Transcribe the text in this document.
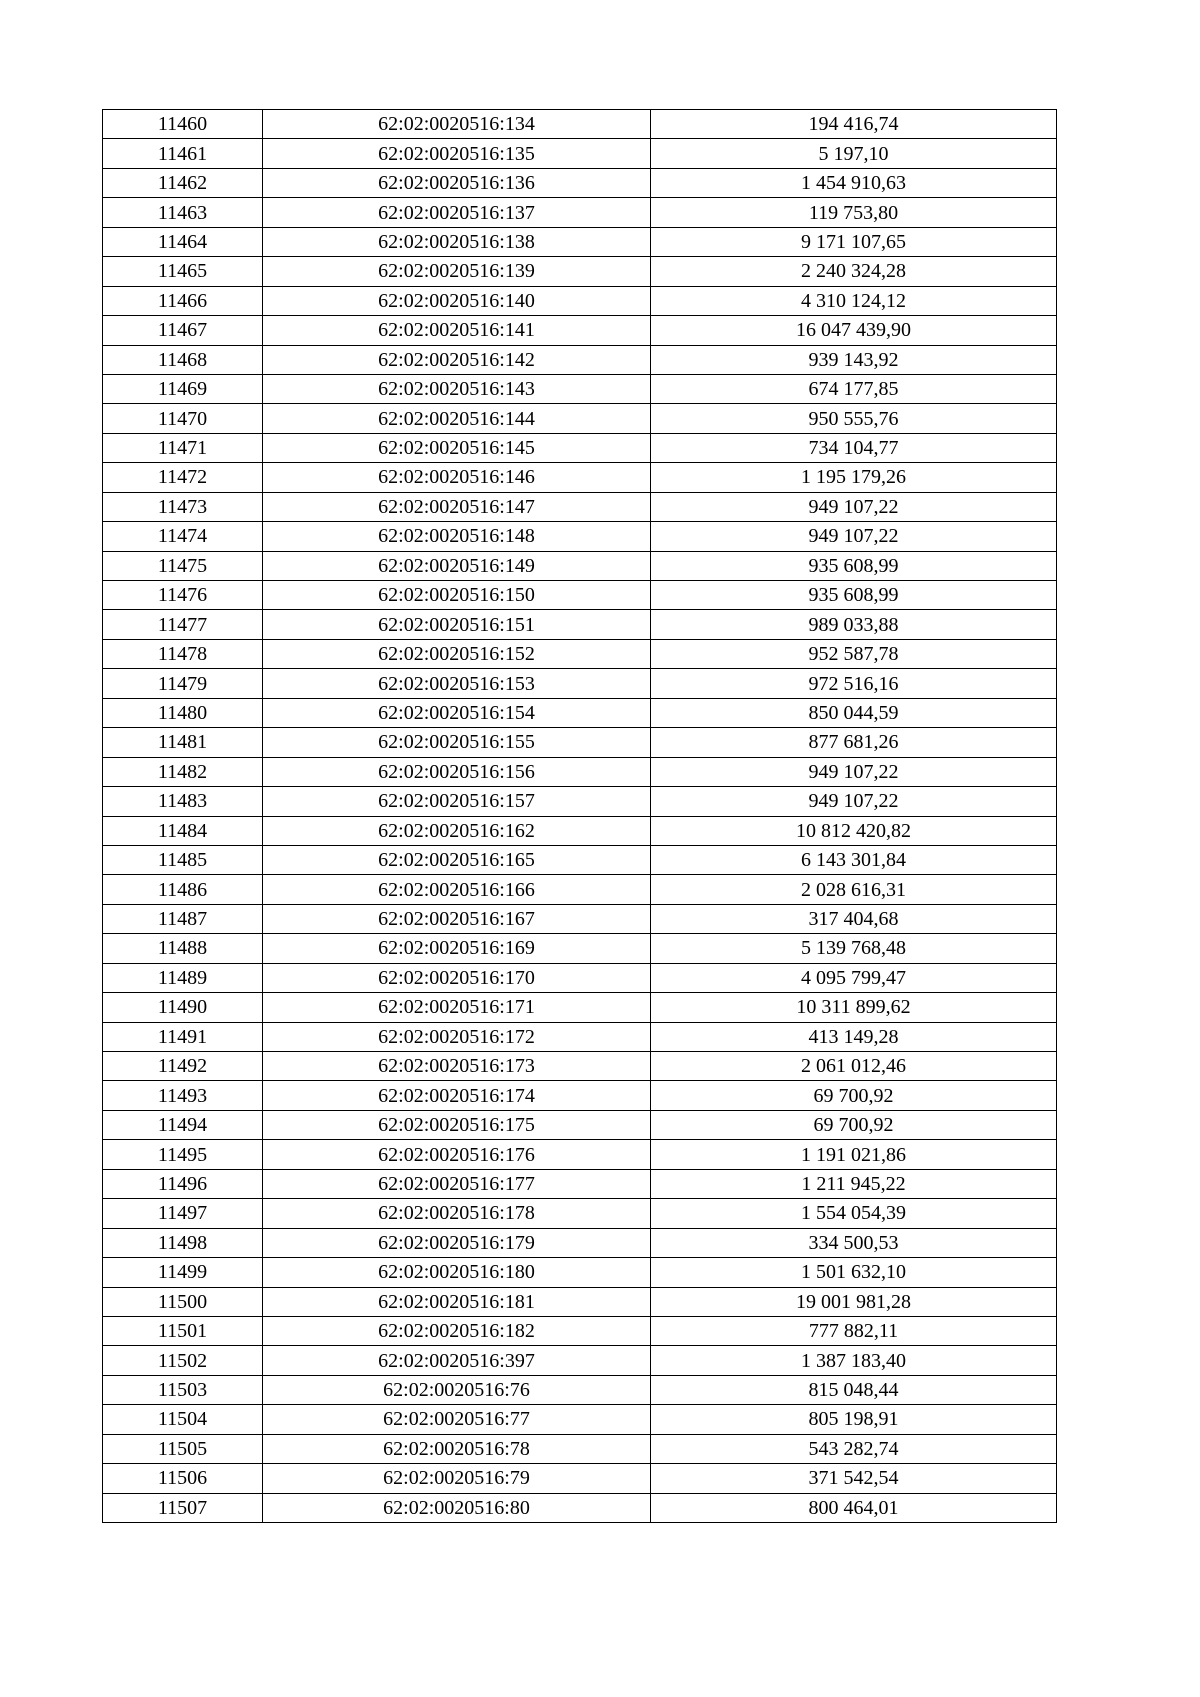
11460	62:02:0020516:134	194 416,74
11461	62:02:0020516:135	5 197,10
11462	62:02:0020516:136	1 454 910,63
11463	62:02:0020516:137	119 753,80
11464	62:02:0020516:138	9 171 107,65
11465	62:02:0020516:139	2 240 324,28
11466	62:02:0020516:140	4 310 124,12
11467	62:02:0020516:141	16 047 439,90
11468	62:02:0020516:142	939 143,92
11469	62:02:0020516:143	674 177,85
11470	62:02:0020516:144	950 555,76
11471	62:02:0020516:145	734 104,77
11472	62:02:0020516:146	1 195 179,26
11473	62:02:0020516:147	949 107,22
11474	62:02:0020516:148	949 107,22
11475	62:02:0020516:149	935 608,99
11476	62:02:0020516:150	935 608,99
11477	62:02:0020516:151	989 033,88
11478	62:02:0020516:152	952 587,78
11479	62:02:0020516:153	972 516,16
11480	62:02:0020516:154	850 044,59
11481	62:02:0020516:155	877 681,26
11482	62:02:0020516:156	949 107,22
11483	62:02:0020516:157	949 107,22
11484	62:02:0020516:162	10 812 420,82
11485	62:02:0020516:165	6 143 301,84
11486	62:02:0020516:166	2 028 616,31
11487	62:02:0020516:167	317 404,68
11488	62:02:0020516:169	5 139 768,48
11489	62:02:0020516:170	4 095 799,47
11490	62:02:0020516:171	10 311 899,62
11491	62:02:0020516:172	413 149,28
11492	62:02:0020516:173	2 061 012,46
11493	62:02:0020516:174	69 700,92
11494	62:02:0020516:175	69 700,92
11495	62:02:0020516:176	1 191 021,86
11496	62:02:0020516:177	1 211 945,22
11497	62:02:0020516:178	1 554 054,39
11498	62:02:0020516:179	334 500,53
11499	62:02:0020516:180	1 501 632,10
11500	62:02:0020516:181	19 001 981,28
11501	62:02:0020516:182	777 882,11
11502	62:02:0020516:397	1 387 183,40
11503	62:02:0020516:76	815 048,44
11504	62:02:0020516:77	805 198,91
11505	62:02:0020516:78	543 282,74
11506	62:02:0020516:79	371 542,54
11507	62:02:0020516:80	800 464,01
